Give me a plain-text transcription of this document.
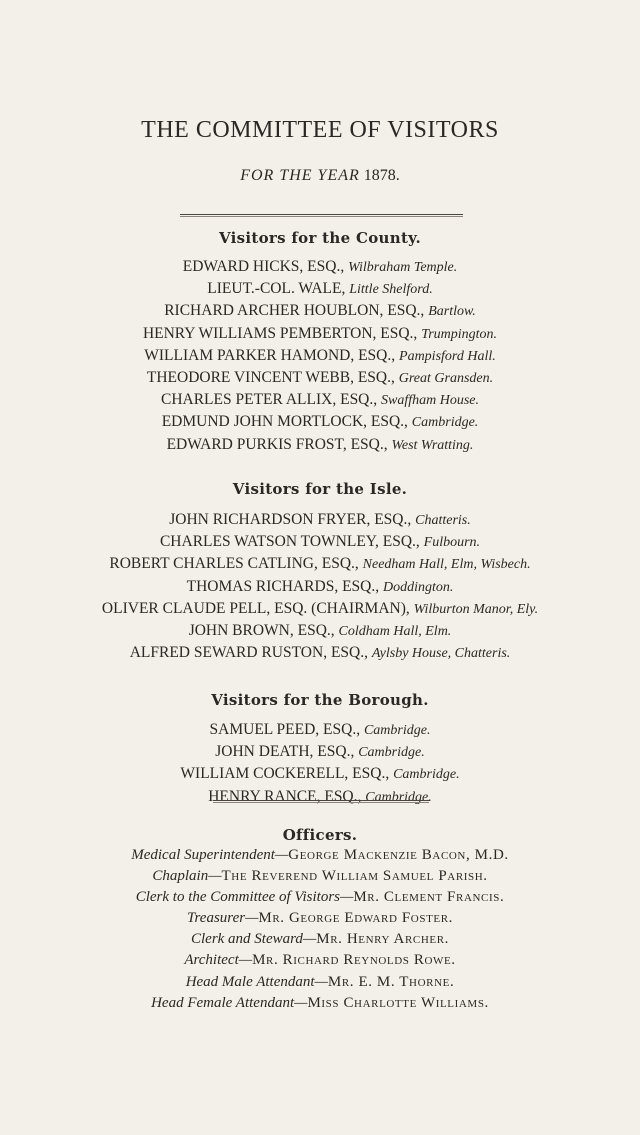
THE COMMITTEE OF VISITORS
FOR THE YEAR 1878.
Visitors for the County.
EDWARD HICKS, ESQ., Wilbraham Temple.
LIEUT.-COL. WALE, Little Shelford.
RICHARD ARCHER HOUBLON, ESQ., Bartlow.
HENRY WILLIAMS PEMBERTON, ESQ., Trumpington.
WILLIAM PARKER HAMOND, ESQ., Pampisford Hall.
THEODORE VINCENT WEBB, ESQ., Great Gransden.
CHARLES PETER ALLIX, ESQ., Swaffham House.
EDMUND JOHN MORTLOCK, ESQ., Cambridge.
EDWARD PURKIS FROST, ESQ., West Wratting.
Visitors for the Isle.
JOHN RICHARDSON FRYER, ESQ., Chatteris.
CHARLES WATSON TOWNLEY, ESQ., Fulbourn.
ROBERT CHARLES CATLING, ESQ., Needham Hall, Elm, Wisbech.
THOMAS RICHARDS, ESQ., Doddington.
OLIVER CLAUDE PELL, ESQ. (CHAIRMAN), Wilburton Manor, Ely.
JOHN BROWN, ESQ., Coldham Hall, Elm.
ALFRED SEWARD RUSTON, ESQ., Aylsby House, Chatteris.
Visitors for the Borough.
SAMUEL PEED, ESQ., Cambridge.
JOHN DEATH, ESQ., Cambridge.
WILLIAM COCKERELL, ESQ., Cambridge.
HENRY RANCE, ESQ., Cambridge.
Officers.
Medical Superintendent—George Mackenzie Bacon, M.D.
Chaplain—The Reverend William Samuel Parish.
Clerk to the Committee of Visitors—Mr. Clement Francis.
Treasurer—Mr. George Edward Foster.
Clerk and Steward—Mr. Henry Archer.
Architect—Mr. Richard Reynolds Rowe.
Head Male Attendant—Mr. E. M. Thorne.
Head Female Attendant—Miss Charlotte Williams.
